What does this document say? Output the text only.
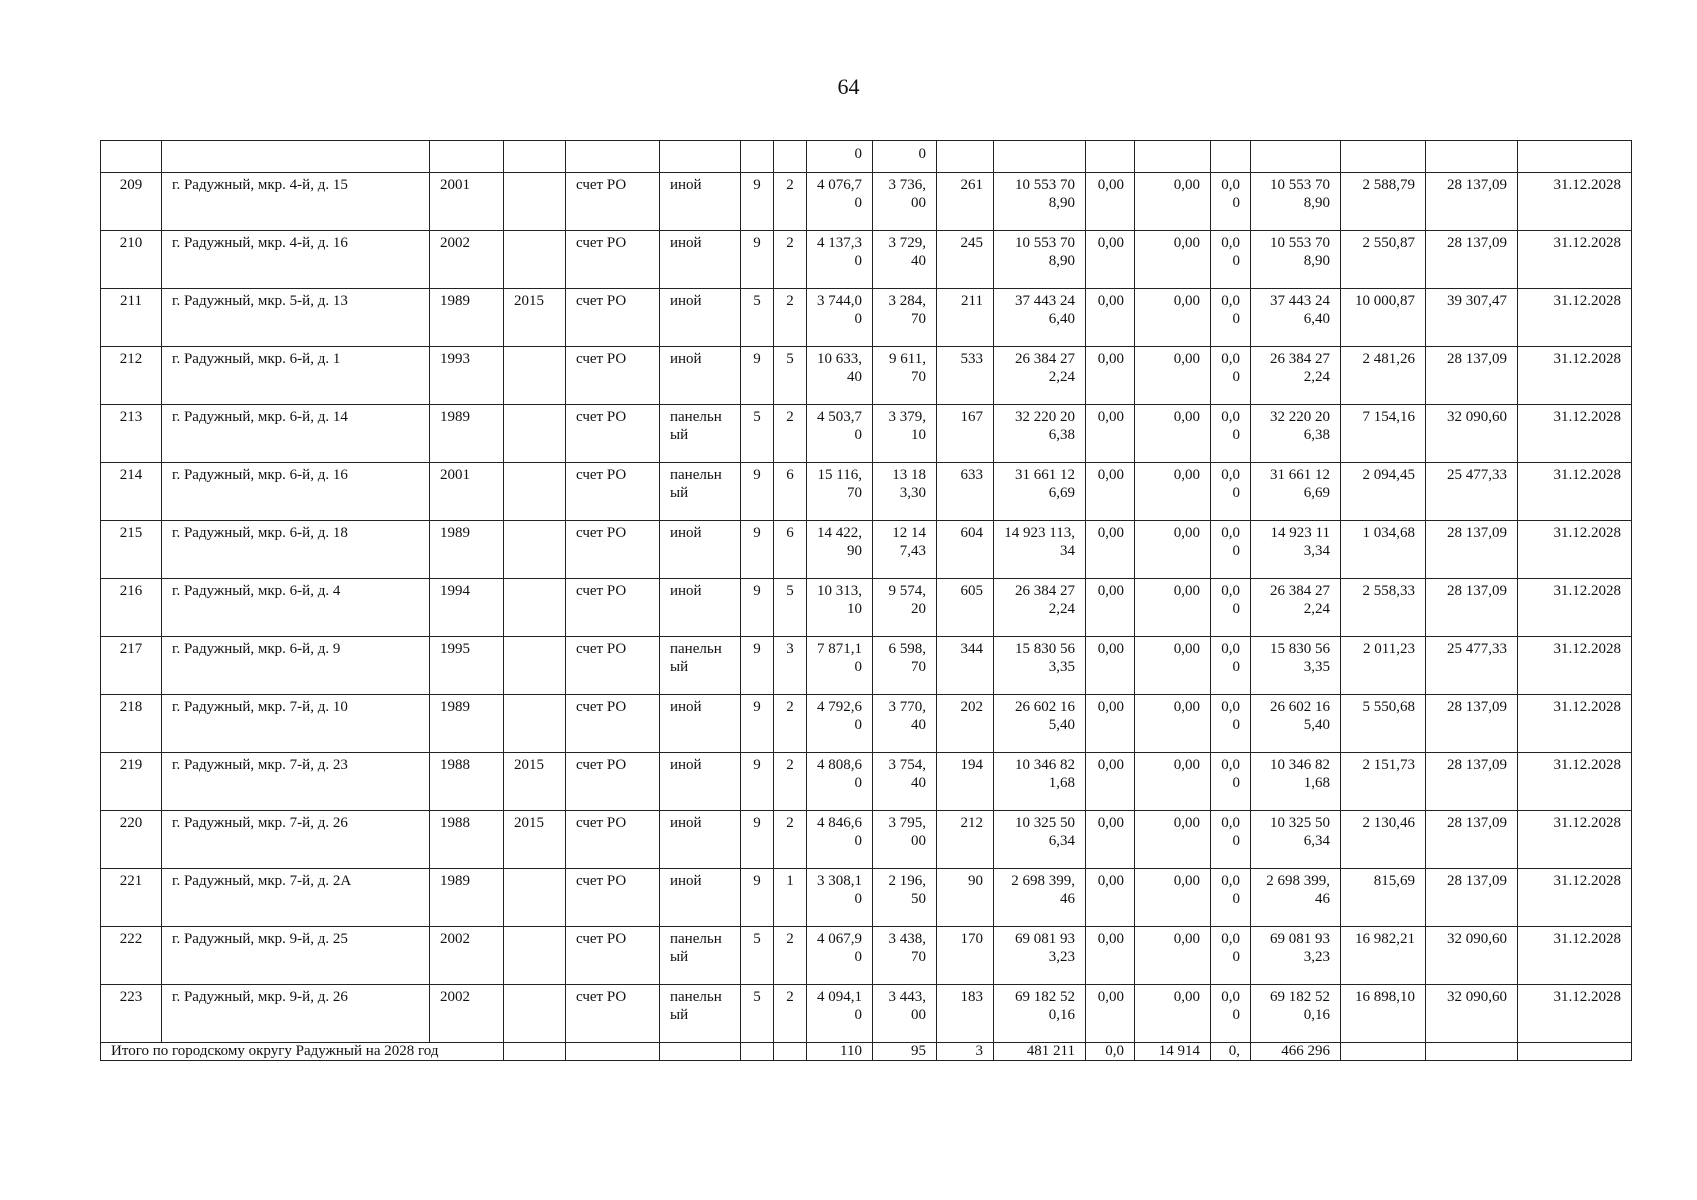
64
								0	0									
209	г. Радужный, мкр. 4-й, д. 15	2001		счет РО	иной	9	2	4 076,70	3 736,00	261	10 553 708,90	0,00	0,00	0,00	10 553 708,90	2 588,79	28 137,09	31.12.2028
210	г. Радужный, мкр. 4-й, д. 16	2002		счет РО	иной	9	2	4 137,30	3 729,40	245	10 553 708,90	0,00	0,00	0,00	10 553 708,90	2 550,87	28 137,09	31.12.2028
211	г. Радужный, мкр. 5-й, д. 13	1989	2015	счет РО	иной	5	2	3 744,00	3 284,70	211	37 443 246,40	0,00	0,00	0,00	37 443 246,40	10 000,87	39 307,47	31.12.2028
212	г. Радужный, мкр. 6-й, д. 1	1993		счет РО	иной	9	5	10 633,40	9 611,70	533	26 384 272,24	0,00	0,00	0,00	26 384 272,24	2 481,26	28 137,09	31.12.2028
213	г. Радужный, мкр. 6-й, д. 14	1989		счет РО	панельный	5	2	4 503,70	3 379,10	167	32 220 206,38	0,00	0,00	0,00	32 220 206,38	7 154,16	32 090,60	31.12.2028
214	г. Радужный, мкр. 6-й, д. 16	2001		счет РО	панельный	9	6	15 116,70	13 183,30	633	31 661 126,69	0,00	0,00	0,00	31 661 126,69	2 094,45	25 477,33	31.12.2028
215	г. Радужный, мкр. 6-й, д. 18	1989		счет РО	иной	9	6	14 422,90	12 147,43	604	14 923 113,34	0,00	0,00	0,00	14 923 113,34	1 034,68	28 137,09	31.12.2028
216	г. Радужный, мкр. 6-й, д. 4	1994		счет РО	иной	9	5	10 313,10	9 574,20	605	26 384 272,24	0,00	0,00	0,00	26 384 272,24	2 558,33	28 137,09	31.12.2028
217	г. Радужный, мкр. 6-й, д. 9	1995		счет РО	панельный	9	3	7 871,10	6 598,70	344	15 830 563,35	0,00	0,00	0,00	15 830 563,35	2 011,23	25 477,33	31.12.2028
218	г. Радужный, мкр. 7-й, д. 10	1989		счет РО	иной	9	2	4 792,60	3 770,40	202	26 602 165,40	0,00	0,00	0,00	26 602 165,40	5 550,68	28 137,09	31.12.2028
219	г. Радужный, мкр. 7-й, д. 23	1988	2015	счет РО	иной	9	2	4 808,60	3 754,40	194	10 346 821,68	0,00	0,00	0,00	10 346 821,68	2 151,73	28 137,09	31.12.2028
220	г. Радужный, мкр. 7-й, д. 26	1988	2015	счет РО	иной	9	2	4 846,60	3 795,00	212	10 325 506,34	0,00	0,00	0,00	10 325 506,34	2 130,46	28 137,09	31.12.2028
221	г. Радужный, мкр. 7-й, д. 2А	1989		счет РО	иной	9	1	3 308,10	2 196,50	90	2 698 399,46	0,00	0,00	0,00	2 698 399,46	815,69	28 137,09	31.12.2028
222	г. Радужный, мкр. 9-й, д. 25	2002		счет РО	панельный	5	2	4 067,90	3 438,70	170	69 081 933,23	0,00	0,00	0,00	69 081 933,23	16 982,21	32 090,60	31.12.2028
223	г. Радужный, мкр. 9-й, д. 26	2002		счет РО	панельный	5	2	4 094,10	3 443,00	183	69 182 520,16	0,00	0,00	0,00	69 182 520,16	16 898,10	32 090,60	31.12.2028
Итого по городскому округу Радужный на 2028 год								110	95	3	481 211	0,0	14 914	0,	466 296			
